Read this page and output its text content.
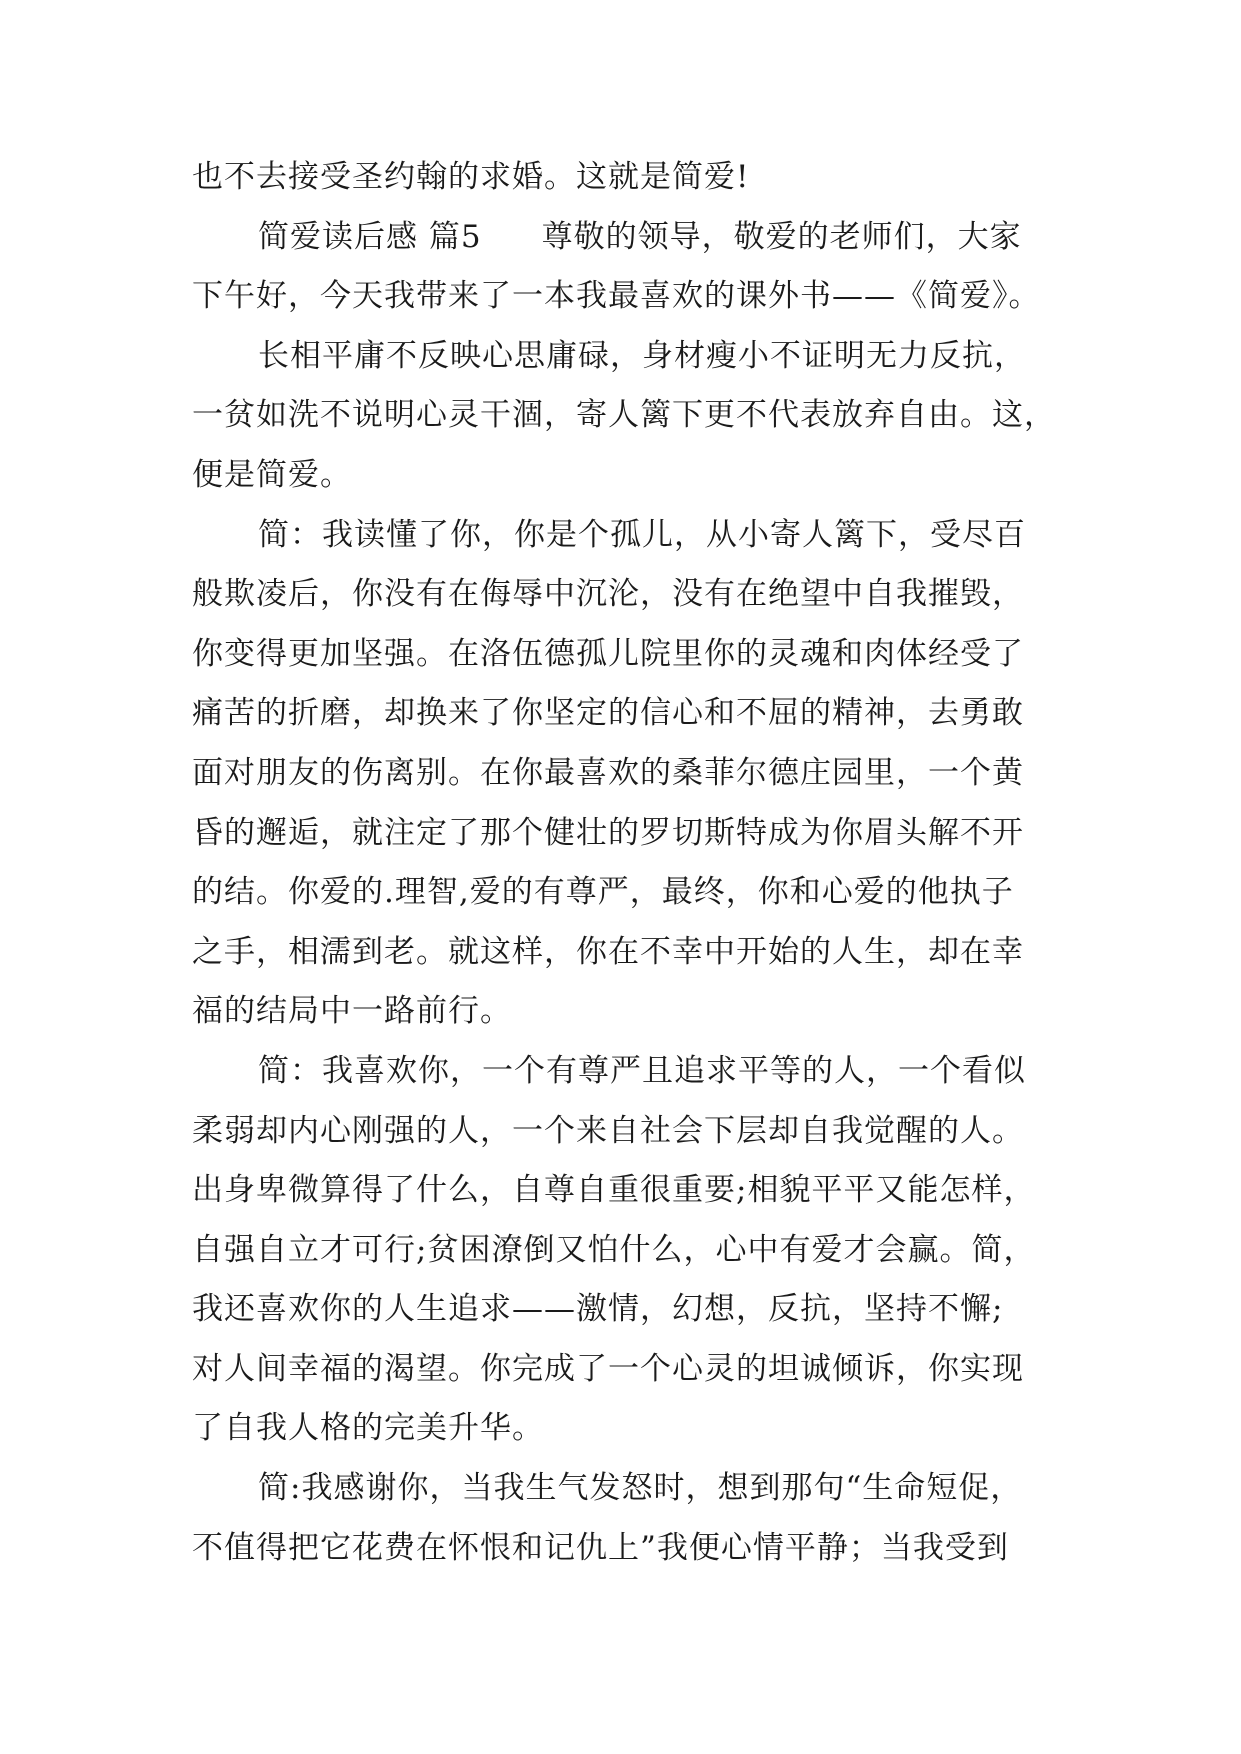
也不去接受圣约翰的求婚。这就是简爱!
简爱读后感 篇5 尊敬的领导，敬爱的老师们，大家
下午好，今天我带来了一本我最喜欢的课外书——《简爱》。
长相平庸不反映心思庸碌，身材瘦小不证明无力反抗，
一贫如洗不说明心灵干涸，寄人篱下更不代表放弃自由。这，
便是简爱。
简：我读懂了你，你是个孤儿，从小寄人篱下，受尽百
般欺凌后，你没有在侮辱中沉沦，没有在绝望中自我摧毁，
你变得更加坚强。在洛伍德孤儿院里你的灵魂和肉体经受了
痛苦的折磨，却换来了你坚定的信心和不屈的精神，去勇敢
面对朋友的伤离别。在你最喜欢的桑菲尔德庄园里，一个黄
昏的邂逅，就注定了那个健壮的罗切斯特成为你眉头解不开
的结。你爱的.理智,爱的有尊严，最终，你和心爱的他执子
之手，相濡到老。就这样，你在不幸中开始的人生，却在幸
福的结局中一路前行。
简：我喜欢你，一个有尊严且追求平等的人，一个看似
柔弱却内心刚强的人，一个来自社会下层却自我觉醒的人。
出身卑微算得了什么，自尊自重很重要;相貌平平又能怎样，
自强自立才可行;贫困潦倒又怕什么，心中有爱才会赢。简，
我还喜欢你的人生追求——激情，幻想，反抗，坚持不懈;
对人间幸福的渴望。你完成了一个心灵的坦诚倾诉，你实现
了自我人格的完美升华。
简:我感谢你，当我生气发怒时，想到那句“生命短促，
不值得把它花费在怀恨和记仇上”我便心情平静；当我受到
